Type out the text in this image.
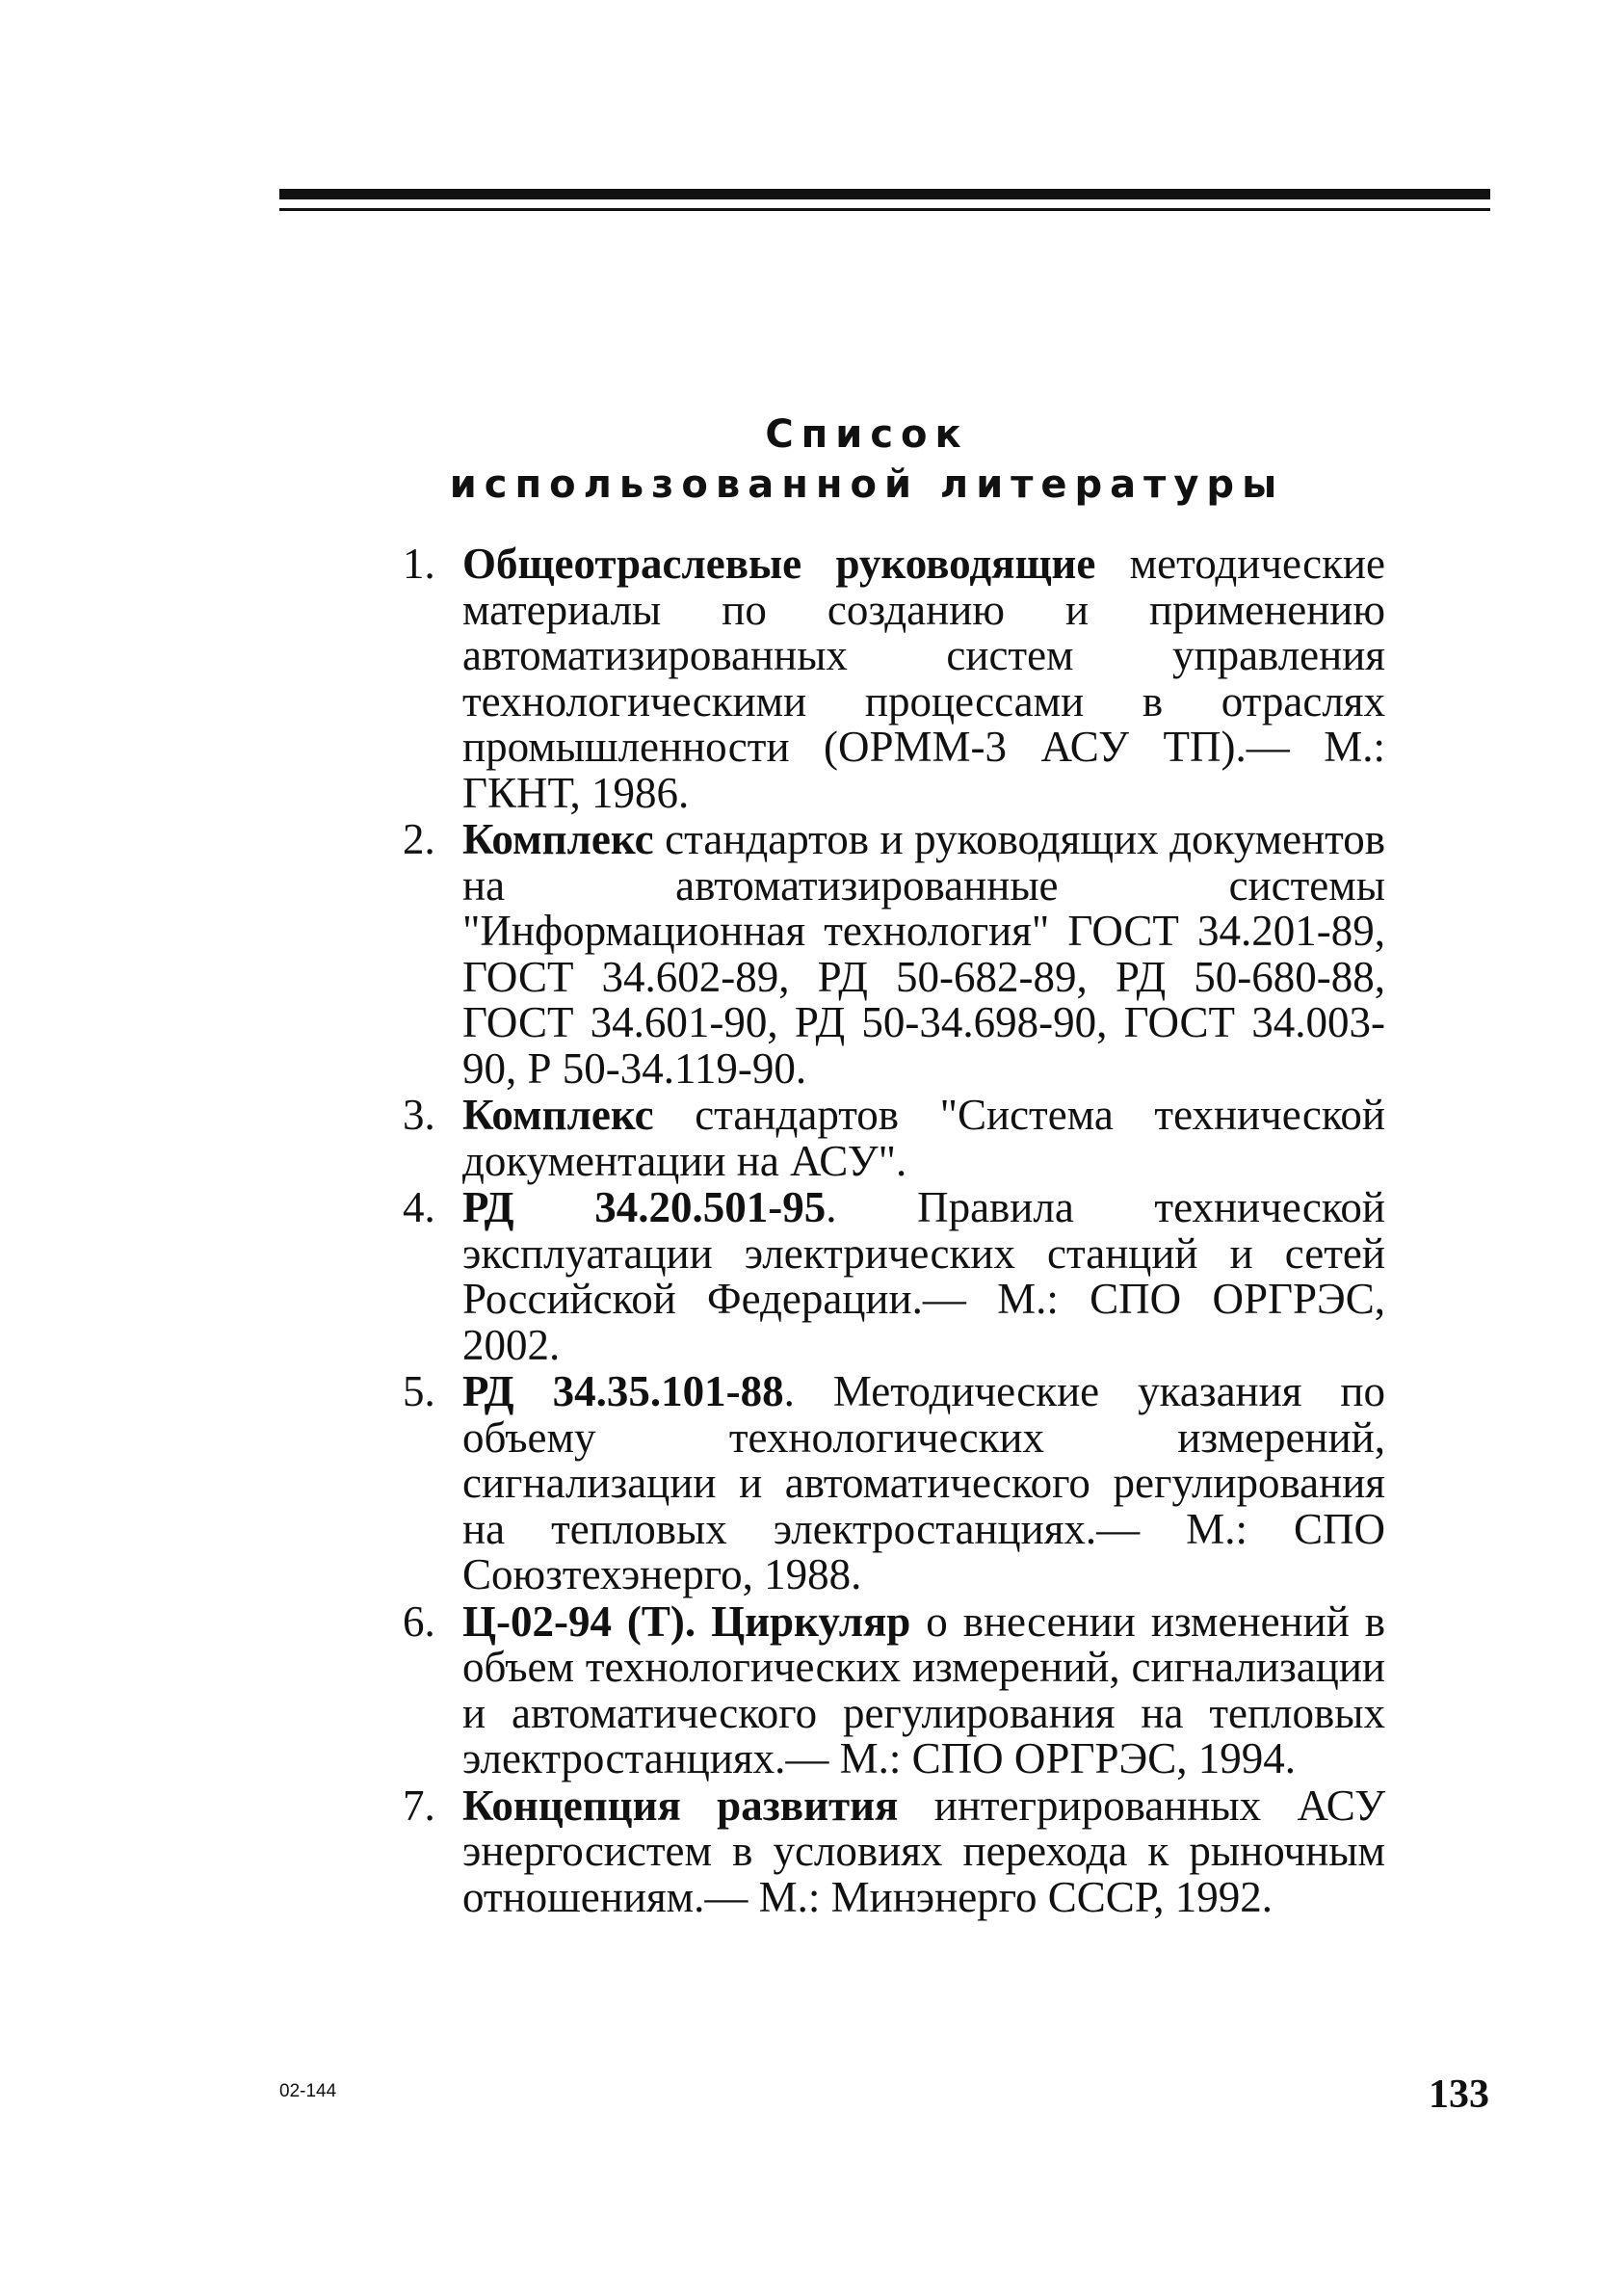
Список
использованной литературы
1. Общеотраслевые руководящие методические материалы по созданию и применению автоматизированных систем управления технологическими процессами в отраслях промышленности (ОРММ-3 АСУ ТП).— М.: ГКНТ, 1986.
2. Комплекс стандартов и руководящих документов на автоматизированные системы "Информационная технология" ГОСТ 34.201-89, ГОСТ 34.602-89, РД 50-682-89, РД 50-680-88, ГОСТ 34.601-90, РД 50-34.698-90, ГОСТ 34.003-90, Р 50-34.119-90.
3. Комплекс стандартов "Система технической документации на АСУ".
4. РД 34.20.501-95. Правила технической эксплуатации электрических станций и сетей Российской Федерации.— М.: СПО ОРГРЭС, 2002.
5. РД 34.35.101-88. Методические указания по объему технологических измерений, сигнализации и автоматического регулирования на тепловых электростанциях.— М.: СПО Союзтехэнерго, 1988.
6. Ц-02-94 (Т). Циркуляр о внесении изменений в объем технологических измерений, сигнализации и автоматического регулирования на тепловых электростанциях.— М.: СПО ОРГРЭС, 1994.
7. Концепция развития интегрированных АСУ энергосистем в условиях перехода к рыночным отношениям.— М.: Минэнерго СССР, 1992.
02-144	133
